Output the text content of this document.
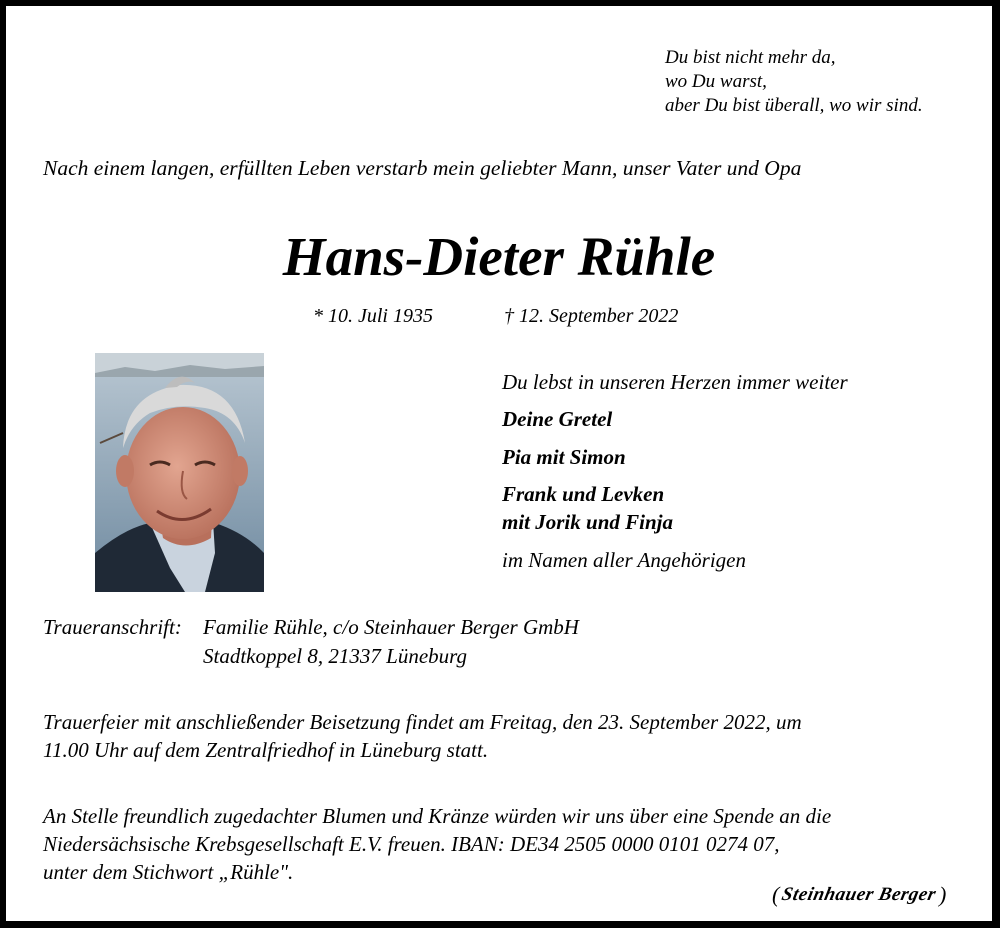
Du bist nicht mehr da,
wo Du warst,
aber Du bist überall, wo wir sind.
Nach einem langen, erfüllten Leben verstarb mein geliebter Mann, unser Vater und Opa
Hans-Dieter Rühle
* 10. Juli 1935	† 12. September 2022
Du lebst in unseren Herzen immer weiter
Deine Gretel
Pia mit Simon
Frank und Levken
mit Jorik und Finja
im Namen aller Angehörigen
Traueranschrift: Familie Rühle, c/o Steinhauer Berger GmbH
Stadtkoppel 8, 21337 Lüneburg
Trauerfeier mit anschließender Beisetzung findet am Freitag, den 23. September 2022, um
11.00 Uhr auf dem Zentralfriedhof in Lüneburg statt.
An Stelle freundlich zugedachter Blumen und Kränze würden wir uns über eine Spende an die
Niedersächsische Krebsgesellschaft E.V. freuen. IBAN: DE34 2505 0000 0101 0274 07,
unter dem Stichwort „Rühle".
( Steinhauer Berger )
